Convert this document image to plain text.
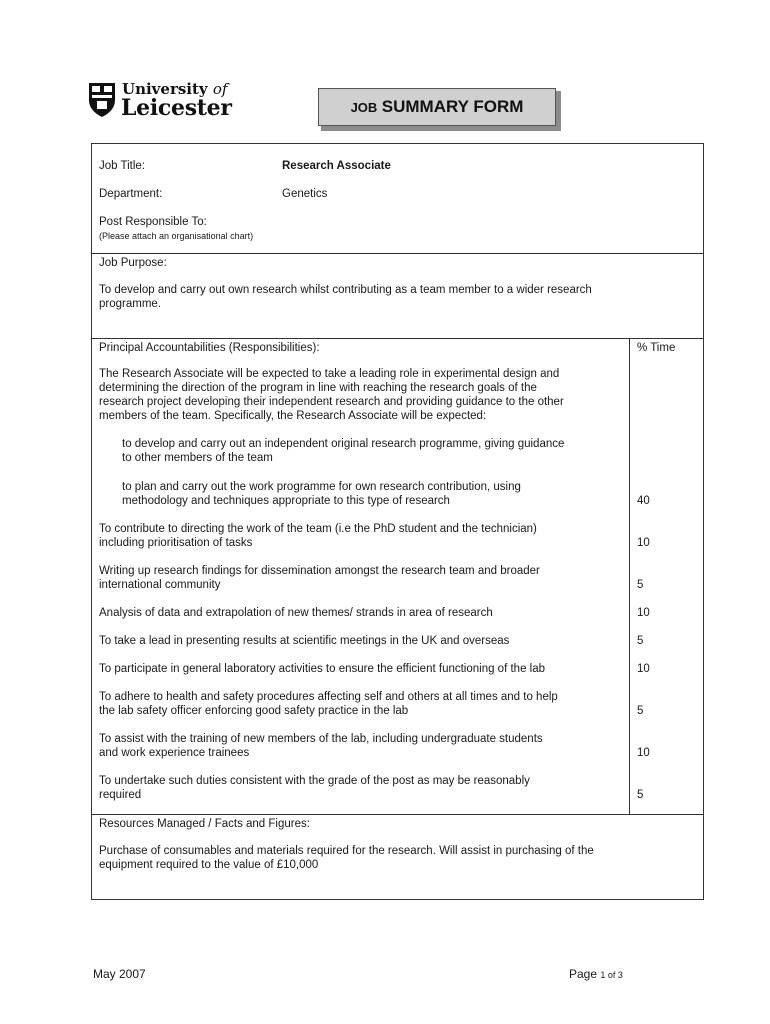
University of
Leicester	JOB
SUMMARY FORM
Job Title:	Research Associate
Department:	Genetics
Post Responsible To:
(Please attach an organisational chart)
Job Purpose:
To develop and carry out own research whilst contributing as a team member to a wider research
programme.
Principal Accountabilities (Responsibilities):	% Time
The Research Associate will be expected to take a leading role in experimental design and
determining the direction of the program in line with reaching the research goals of the
research project developing their independent research and providing guidance to the other
members of the team. Specifically, the Research Associate will be expected:
to develop and carry out an independent original research programme, giving guidance
to other members of the team
to plan and carry out the work programme for own research contribution, using
methodology and techniques appropriate to this type of research	40
To contribute to directing the work of the team (i.e the PhD student and the technician)
including prioritisation of tasks	10
Writing up research findings for dissemination amongst the research team and broader
international community	5
Analysis of data and extrapolation of new themes/ strands in area of research	10
To take a lead in presenting results at scientific meetings in the UK and overseas	5
To participate in general laboratory activities to ensure the efficient functioning of the lab	10
To adhere to health and safety procedures affecting self and others at all times and to help
the lab safety officer enforcing good safety practice in the lab	5
To assist with the training of new members of the lab, including undergraduate students
and work experience trainees	10
To undertake such duties consistent with the grade of the post as may be reasonably
required	5
Resources Managed / Facts and Figures:
Purchase of consumables and materials required for the research. Will assist in purchasing of the
equipment required to the value of £10,000
May 2007	Page 1 of 3
